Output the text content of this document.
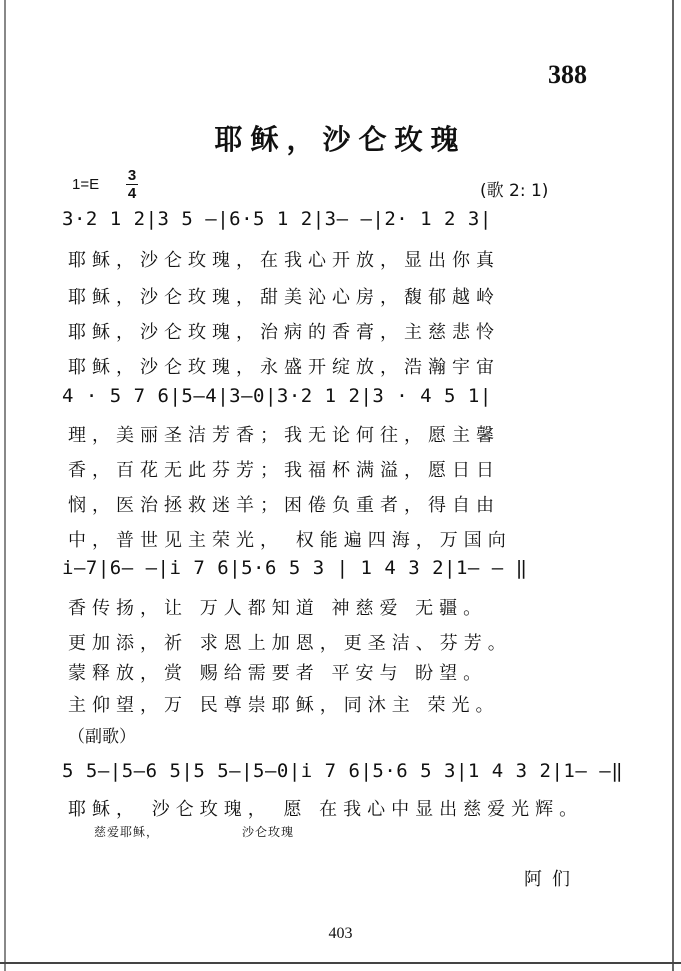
388
耶稣，沙仑玫瑰
1=E
3
4	(歌 2: 1)
3·2 1 2|3 5 –|6·5 1 2|3– –|2· 1 2 3|
耶稣，沙仑玫瑰，在我心开放，显出你真
耶稣，沙仑玫瑰，甜美沁心房，馥郁越岭
耶稣，沙仑玫瑰，治病的香膏，主慈悲怜
耶稣，沙仑玫瑰，永盛开绽放，浩瀚宇宙
4 · 5 7 6|5–4|3–0|3·2 1 2|3 · 4 5 1|
理，美丽圣洁芳香；我无论何往，愿主馨
香，百花无此芬芳；我福杯满溢，愿日日
悯，医治拯救迷羊；困倦负重者，得自由
中，普世见主荣光， 权能遍四海，万国向
i–7|6– –|i 7 6|5·6 5 3 | 1 4 3 2|1– – ‖
香传扬，让 万人都知道 神慈爱 无疆。
更加添，祈 求恩上加恩，更圣洁、芬芳。
蒙释放，赏 赐给需要者 平安与 盼望。
主仰望，万 民尊崇耶稣，同沐主 荣光。
（副歌）
5 5–|5–6 5|5 5–|5–0|i 7 6|5·6 5 3|1 4 3 2|1– –‖
耶稣， 沙仑玫瑰， 愿 在我心中显出慈爱光辉。
慈爱耶稣，	沙仑玫瑰
阿们
403
